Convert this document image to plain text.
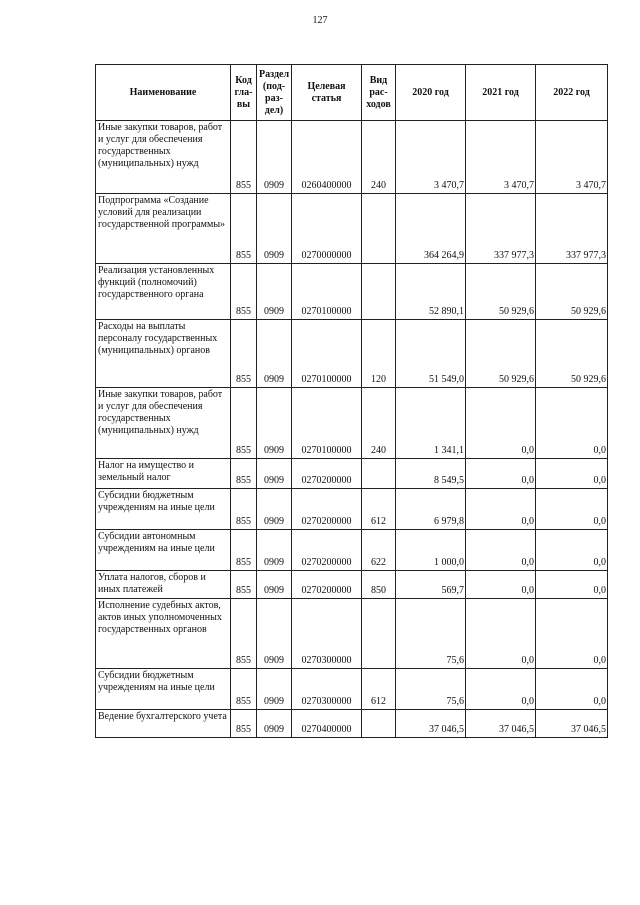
127
Наименование	Код гла-вы	Раздел (под-раз-дел)	Целевая статья	Вид рас-ходов	2020 год	2021 год	2022 год
Иные закупки товаров, работ и услуг для обеспечения государственных (муниципальных) нужд	855	0909	0260400000	240	3 470,7	3 470,7	3 470,7
Подпрограмма «Создание условий для реализации государственной программы»	855	0909	0270000000		364 264,9	337 977,3	337 977,3
Реализация установленных функций (полномочий) государственного органа	855	0909	0270100000		52 890,1	50 929,6	50 929,6
Расходы на выплаты персоналу государственных (муниципальных) органов	855	0909	0270100000	120	51 549,0	50 929,6	50 929,6
Иные закупки товаров, работ и услуг для обеспечения государственных (муниципальных) нужд	855	0909	0270100000	240	1 341,1	0,0	0,0
Налог на имущество и земельный налог	855	0909	0270200000		8 549,5	0,0	0,0
Субсидии бюджетным учреждениям на иные цели	855	0909	0270200000	612	6 979,8	0,0	0,0
Субсидии автономным учреждениям на иные цели	855	0909	0270200000	622	1 000,0	0,0	0,0
Уплата налогов, сборов и иных платежей	855	0909	0270200000	850	569,7	0,0	0,0
Исполнение судебных актов, актов иных уполномоченных государственных органов	855	0909	0270300000		75,6	0,0	0,0
Субсидии бюджетным учреждениям на иные цели	855	0909	0270300000	612	75,6	0,0	0,0
Ведение бухгалтерского учета	855	0909	0270400000		37 046,5	37 046,5	37 046,5
